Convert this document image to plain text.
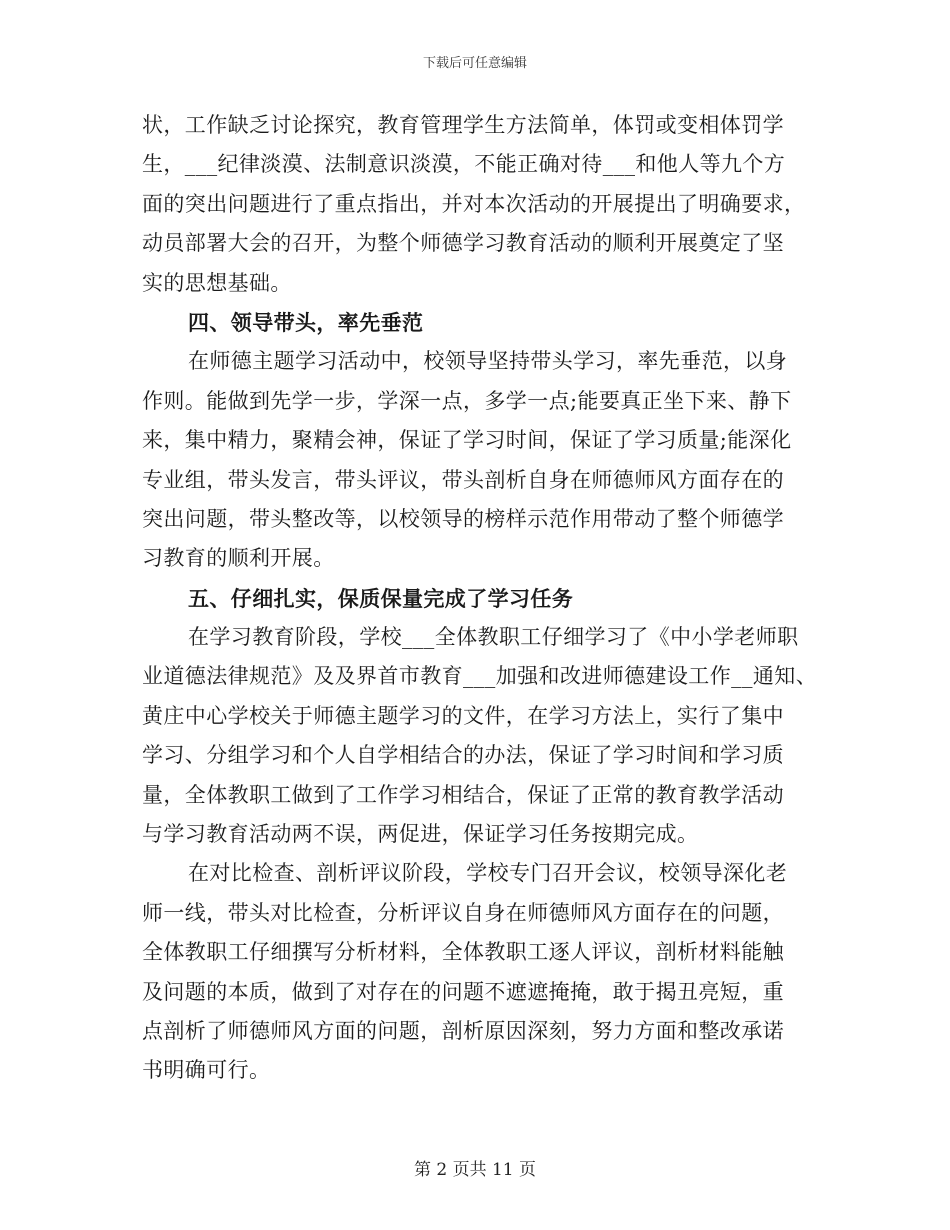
下载后可任意编辑
状，工作缺乏讨论探究，教育管理学生方法简单，体罚或变相体罚学
生，___纪律淡漠、法制意识淡漠，不能正确对待___和他人等九个方
面的突出问题进行了重点指出，并对本次活动的开展提出了明确要求，
动员部署大会的召开，为整个师德学习教育活动的顺利开展奠定了坚
实的思想基础。
四、领导带头，率先垂范
在师德主题学习活动中，校领导坚持带头学习，率先垂范，以身
作则。能做到先学一步，学深一点，多学一点;能要真正坐下来、静下
来，集中精力，聚精会神，保证了学习时间，保证了学习质量;能深化
专业组，带头发言，带头评议，带头剖析自身在师德师风方面存在的
突出问题，带头整改等，以校领导的榜样示范作用带动了整个师德学
习教育的顺利开展。
五、仔细扎实，保质保量完成了学习任务
在学习教育阶段，学校___全体教职工仔细学习了《中小学老师职
业道德法律规范》及及界首市教育___加强和改进师德建设工作__通知、
黄庄中心学校关于师德主题学习的文件，在学习方法上，实行了集中
学习、分组学习和个人自学相结合的办法，保证了学习时间和学习质
量，全体教职工做到了工作学习相结合，保证了正常的教育教学活动
与学习教育活动两不误，两促进，保证学习任务按期完成。
在对比检查、剖析评议阶段，学校专门召开会议，校领导深化老
师一线，带头对比检查，分析评议自身在师德师风方面存在的问题，
全体教职工仔细撰写分析材料，全体教职工逐人评议，剖析材料能触
及问题的本质，做到了对存在的问题不遮遮掩掩，敢于揭丑亮短，重
点剖析了师德师风方面的问题，剖析原因深刻，努力方面和整改承诺
书明确可行。
第 2 页共 11 页
